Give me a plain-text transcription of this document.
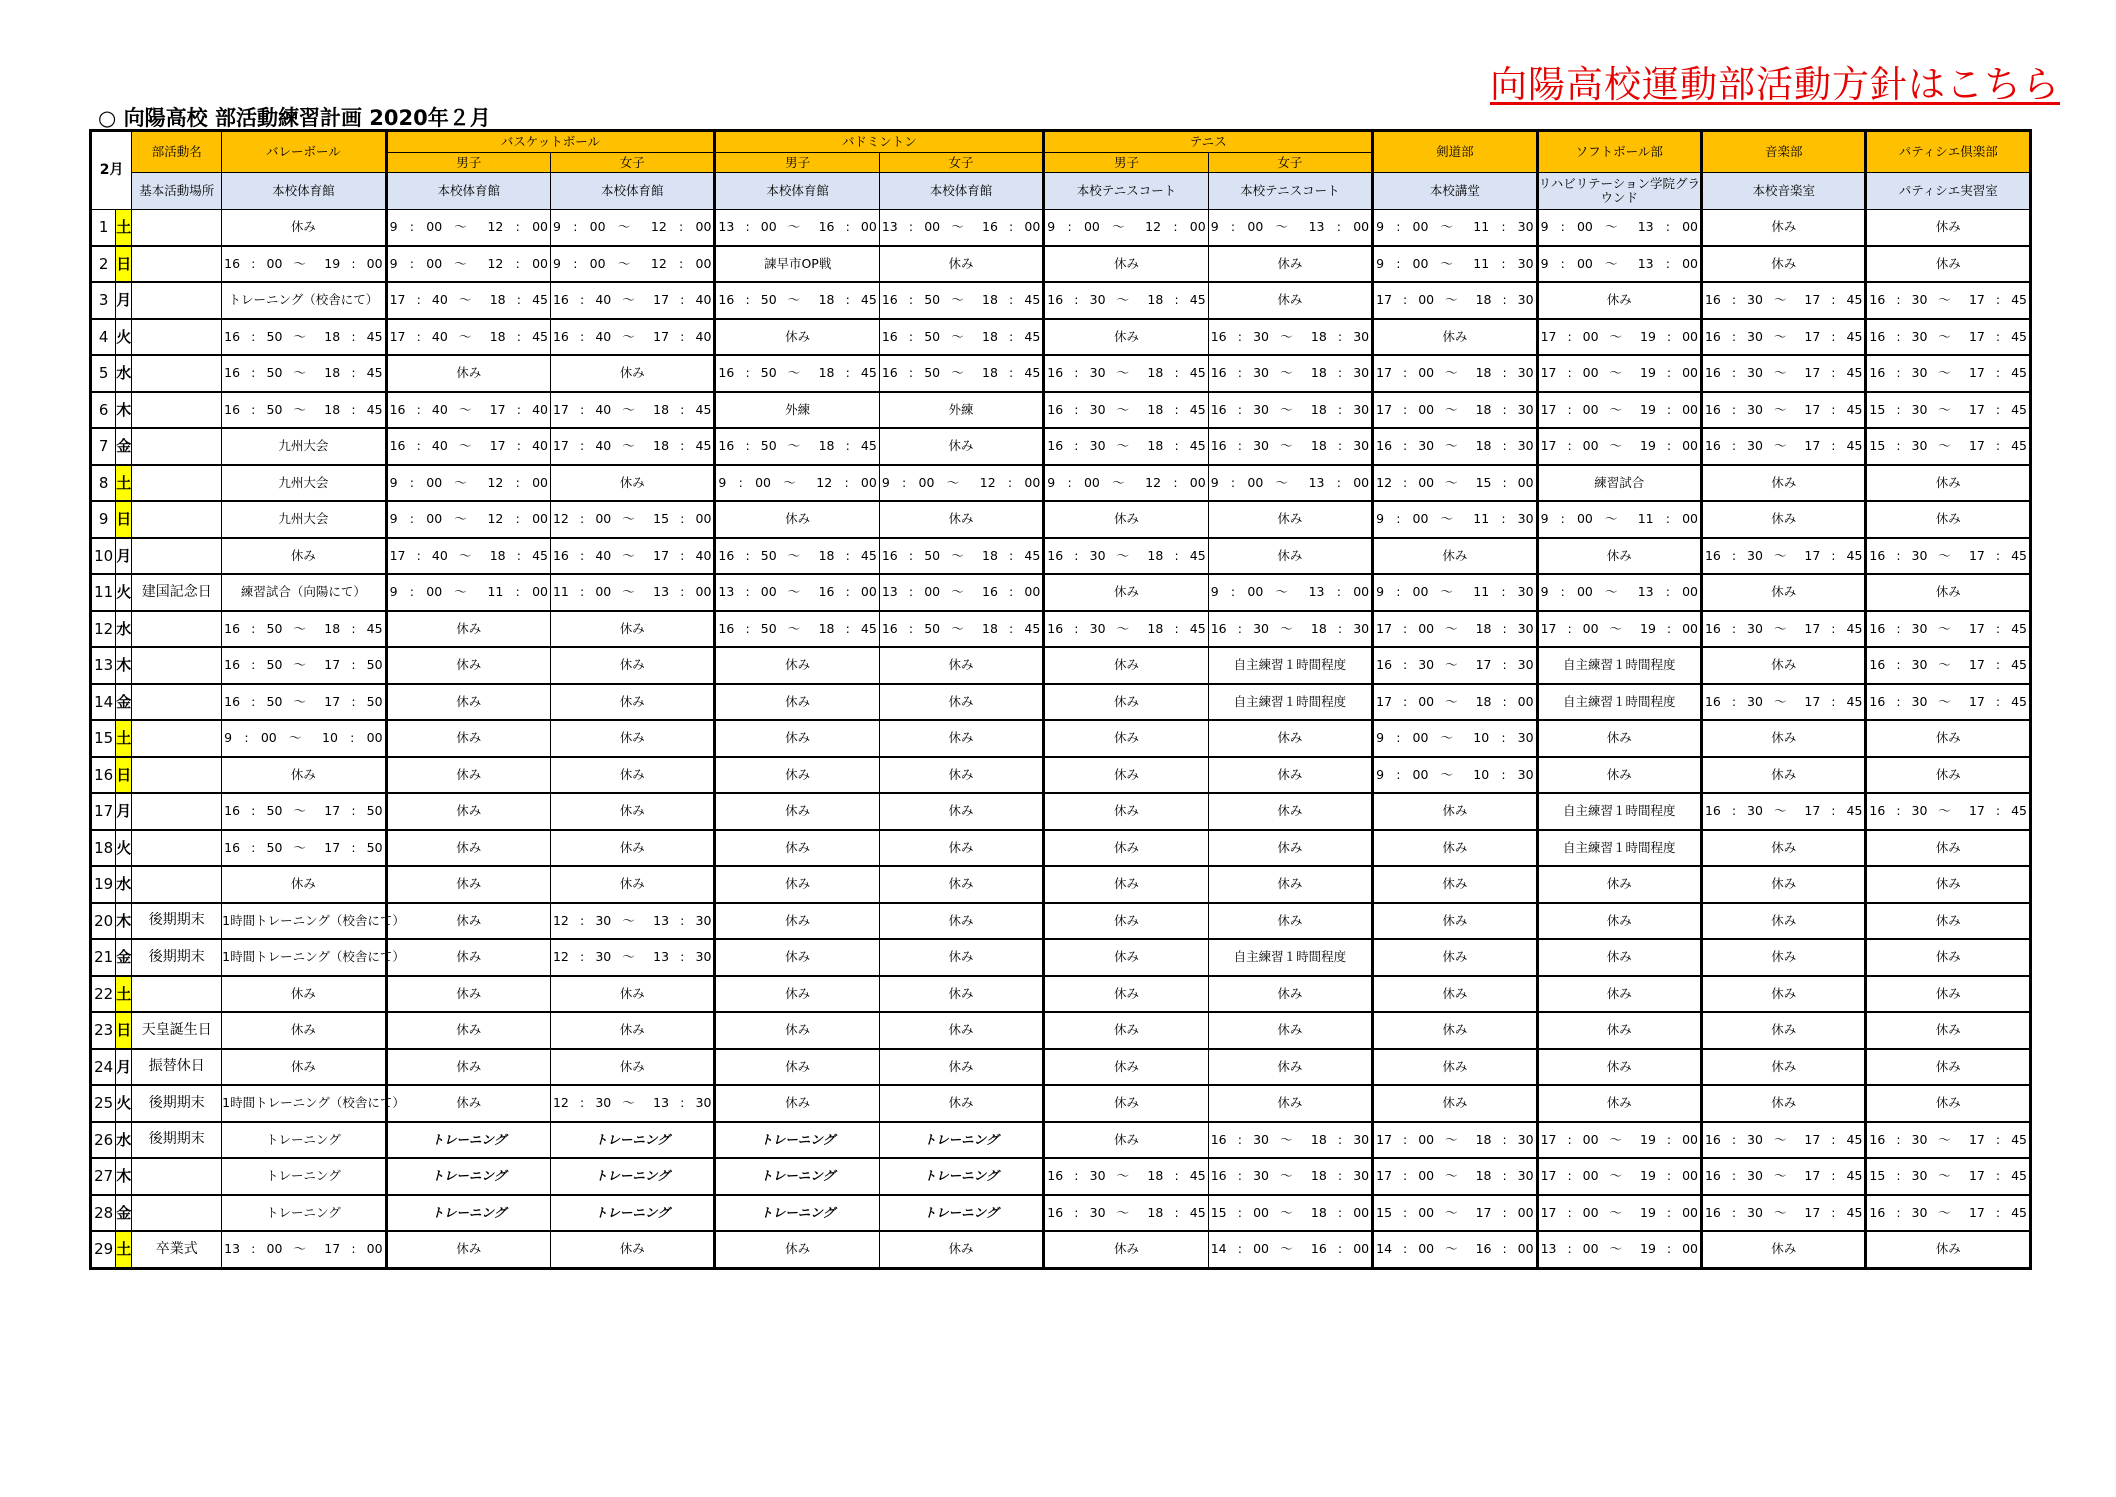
向陽高校運動部活動方針はこちら
○ 向陽高校 部活動練習計画 2020年２月
2月		部活動名	バレーボール	バスケットボール		バドミントン		テニス		剣道部	ソフトボール部	音楽部	パティシエ倶楽部
				男子	女子	男子	女子	男子	女子				
		基本活動場所	本校体育館	本校体育館	本校体育館	本校体育館	本校体育館	本校テニスコート	本校テニスコート	本校講堂	リハビリテーション学院グラウンド	本校音楽室	パティシエ実習室
1	土		休み	9 : 00 ～ 12 : 00	9 : 00 ～ 12 : 00	13 : 00 ～ 16 : 00	13 : 00 ～ 16 : 00	9 : 00 ～ 12 : 00	9 : 00 ～ 13 : 00	9 : 00 ～ 11 : 30	9 : 00 ～ 13 : 00	休み	休み
2	日		16 : 00 ～ 19 : 00	9 : 00 ～ 12 : 00	9 : 00 ～ 12 : 00	諫早市OP戦	休み	休み	休み	9 : 00 ～ 11 : 30	9 : 00 ～ 13 : 00	休み	休み
3	月		トレーニング（校舎にて）	17 : 40 ～ 18 : 45	16 : 40 ～ 17 : 40	16 : 50 ～ 18 : 45	16 : 50 ～ 18 : 45	16 : 30 ～ 18 : 45	休み	17 : 00 ～ 18 : 30	休み	16 : 30 ～ 17 : 45	16 : 30 ～ 17 : 45
4	火		16 : 50 ～ 18 : 45	17 : 40 ～ 18 : 45	16 : 40 ～ 17 : 40	休み	16 : 50 ～ 18 : 45	休み	16 : 30 ～ 18 : 30	休み	17 : 00 ～ 19 : 00	16 : 30 ～ 17 : 45	16 : 30 ～ 17 : 45
5	水		16 : 50 ～ 18 : 45	休み	休み	16 : 50 ～ 18 : 45	16 : 50 ～ 18 : 45	16 : 30 ～ 18 : 45	16 : 30 ～ 18 : 30	17 : 00 ～ 18 : 30	17 : 00 ～ 19 : 00	16 : 30 ～ 17 : 45	16 : 30 ～ 17 : 45
6	木		16 : 50 ～ 18 : 45	16 : 40 ～ 17 : 40	17 : 40 ～ 18 : 45	外練	外練	16 : 30 ～ 18 : 45	16 : 30 ～ 18 : 30	17 : 00 ～ 18 : 30	17 : 00 ～ 19 : 00	16 : 30 ～ 17 : 45	15 : 30 ～ 17 : 45
7	金		九州大会	16 : 40 ～ 17 : 40	17 : 40 ～ 18 : 45	16 : 50 ～ 18 : 45	休み	16 : 30 ～ 18 : 45	16 : 30 ～ 18 : 30	16 : 30 ～ 18 : 30	17 : 00 ～ 19 : 00	16 : 30 ～ 17 : 45	15 : 30 ～ 17 : 45
8	土		九州大会	9 : 00 ～ 12 : 00	休み	9 : 00 ～ 12 : 00	9 : 00 ～ 12 : 00	9 : 00 ～ 12 : 00	9 : 00 ～ 13 : 00	12 : 00 ～ 15 : 00	練習試合	休み	休み
9	日		九州大会	9 : 00 ～ 12 : 00	12 : 00 ～ 15 : 00	休み	休み	休み	休み	9 : 00 ～ 11 : 30	9 : 00 ～ 11 : 00	休み	休み
10	月		休み	17 : 40 ～ 18 : 45	16 : 40 ～ 17 : 40	16 : 50 ～ 18 : 45	16 : 50 ～ 18 : 45	16 : 30 ～ 18 : 45	休み	休み	休み	16 : 30 ～ 17 : 45	16 : 30 ～ 17 : 45
11	火	建国記念日	練習試合（向陽にて）	9 : 00 ～ 11 : 00	11 : 00 ～ 13 : 00	13 : 00 ～ 16 : 00	13 : 00 ～ 16 : 00	休み	9 : 00 ～ 13 : 00	9 : 00 ～ 11 : 30	9 : 00 ～ 13 : 00	休み	休み
12	水		16 : 50 ～ 18 : 45	休み	休み	16 : 50 ～ 18 : 45	16 : 50 ～ 18 : 45	16 : 30 ～ 18 : 45	16 : 30 ～ 18 : 30	17 : 00 ～ 18 : 30	17 : 00 ～ 19 : 00	16 : 30 ～ 17 : 45	16 : 30 ～ 17 : 45
13	木		16 : 50 ～ 17 : 50	休み	休み	休み	休み	休み	自主練習１時間程度	16 : 30 ～ 17 : 30	自主練習１時間程度	休み	16 : 30 ～ 17 : 45
14	金		16 : 50 ～ 17 : 50	休み	休み	休み	休み	休み	自主練習１時間程度	17 : 00 ～ 18 : 00	自主練習１時間程度	16 : 30 ～ 17 : 45	16 : 30 ～ 17 : 45
15	土		9 : 00 ～ 10 : 00	休み	休み	休み	休み	休み	休み	9 : 00 ～ 10 : 30	休み	休み	休み
16	日		休み	休み	休み	休み	休み	休み	休み	9 : 00 ～ 10 : 30	休み	休み	休み
17	月		16 : 50 ～ 17 : 50	休み	休み	休み	休み	休み	休み	休み	自主練習１時間程度	16 : 30 ～ 17 : 45	16 : 30 ～ 17 : 45
18	火		16 : 50 ～ 17 : 50	休み	休み	休み	休み	休み	休み	休み	自主練習１時間程度	休み	休み
19	水		休み	休み	休み	休み	休み	休み	休み	休み	休み	休み	休み
20	木	後期期末	1時間トレーニング（校舎にて）	休み	12 : 30 ～ 13 : 30	休み	休み	休み	休み	休み	休み	休み	休み
21	金	後期期末	1時間トレーニング（校舎にて）	休み	12 : 30 ～ 13 : 30	休み	休み	休み	自主練習１時間程度	休み	休み	休み	休み
22	土		休み	休み	休み	休み	休み	休み	休み	休み	休み	休み	休み
23	日	天皇誕生日	休み	休み	休み	休み	休み	休み	休み	休み	休み	休み	休み
24	月	振替休日	休み	休み	休み	休み	休み	休み	休み	休み	休み	休み	休み
25	火	後期期末	1時間トレーニング（校舎にて）	休み	12 : 30 ～ 13 : 30	休み	休み	休み	休み	休み	休み	休み	休み
26	水	後期期末	トレーニング	トレーニング	トレーニング	トレーニング	トレーニング	休み	16 : 30 ～ 18 : 30	17 : 00 ～ 18 : 30	17 : 00 ～ 19 : 00	16 : 30 ～ 17 : 45	16 : 30 ～ 17 : 45
27	木		トレーニング	トレーニング	トレーニング	トレーニング	トレーニング	16 : 30 ～ 18 : 45	16 : 30 ～ 18 : 30	17 : 00 ～ 18 : 30	17 : 00 ～ 19 : 00	16 : 30 ～ 17 : 45	15 : 30 ～ 17 : 45
28	金		トレーニング	トレーニング	トレーニング	トレーニング	トレーニング	16 : 30 ～ 18 : 45	15 : 00 ～ 18 : 00	15 : 00 ～ 17 : 00	17 : 00 ～ 19 : 00	16 : 30 ～ 17 : 45	16 : 30 ～ 17 : 45
29	土	卒業式	13 : 00 ～ 17 : 00	休み	休み	休み	休み	休み	14 : 00 ～ 16 : 00	14 : 00 ～ 16 : 00	13 : 00 ～ 19 : 00	休み	休み
